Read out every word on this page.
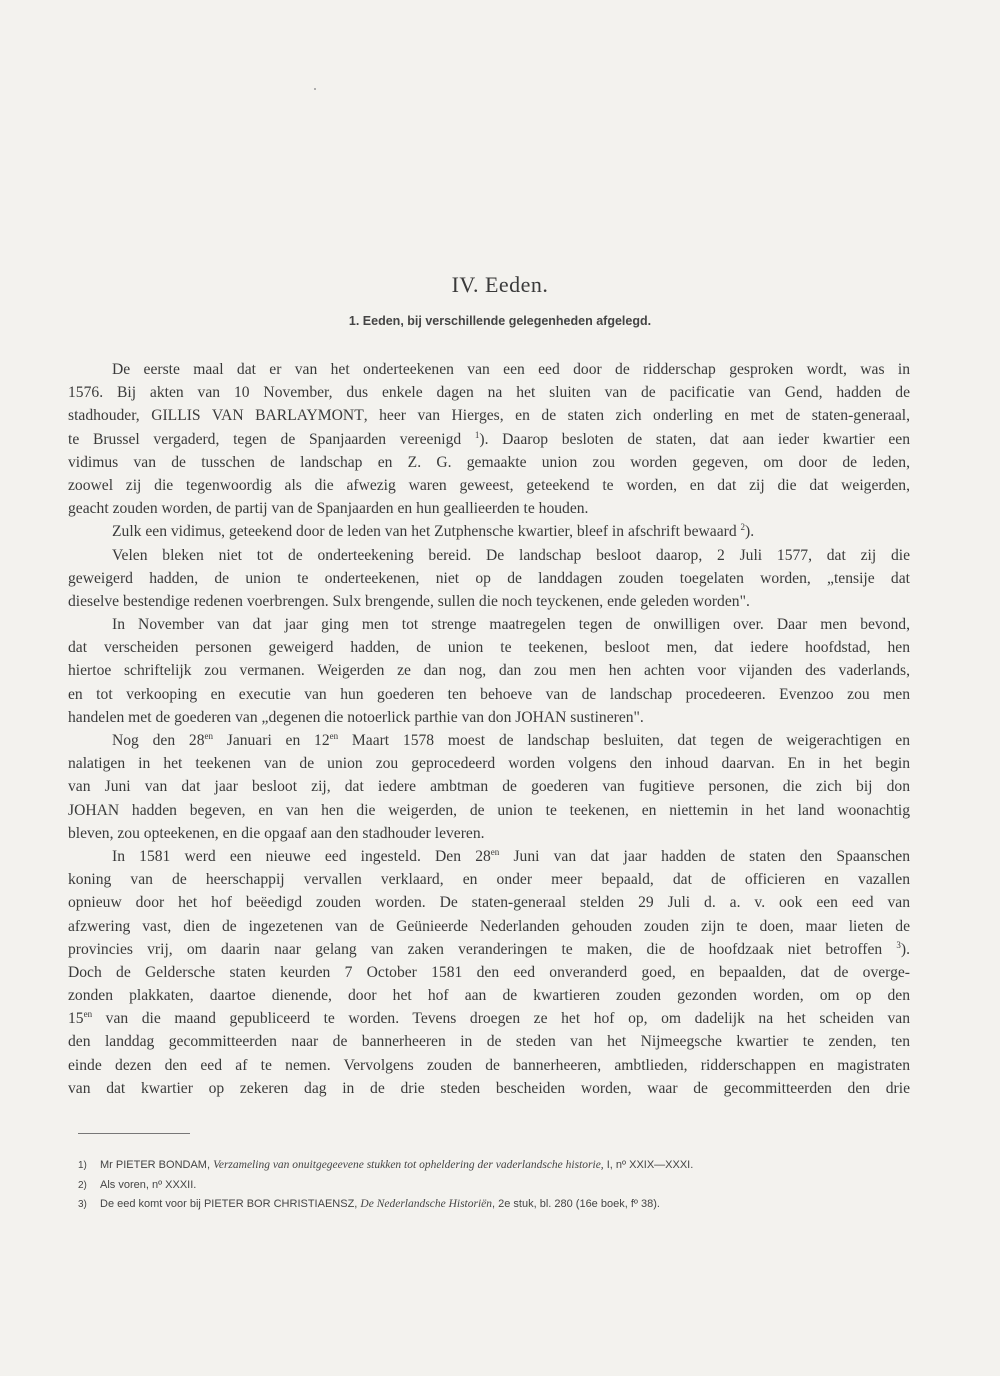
IV. Eeden.
1. Eeden, bij verschillende gelegenheden afgelegd.
De eerste maal dat er van het onderteekenen van een eed door de ridderschap gesproken wordt, was in
1576. Bij akten van 10 November, dus enkele dagen na het sluiten van de pacificatie van Gend, hadden de
stadhouder, GILLIS VAN BARLAYMONT, heer van Hierges, en de staten zich onderling en met de staten-generaal,
te Brussel vergaderd, tegen de Spanjaarden vereenigd $^1$). Daarop besloten de staten, dat aan ieder kwartier een
vidimus van de tusschen de landschap en Z. G. gemaakte union zou worden gegeven, om door de leden,
zoowel zij die tegenwoordig als die afwezig waren geweest, geteekend te worden, en dat zij die dat weigerden,
geacht zouden worden, de partij van de Spanjaarden en hun geallieerden te houden.
Zulk een vidimus, geteekend door de leden van het Zutphensche kwartier, bleef in afschrift bewaard $^2$).
Velen bleken niet tot de onderteekening bereid. De landschap besloot daarop, 2 Juli 1577, dat zij die
geweigerd hadden, de union te onderteekenen, niet op de landdagen zouden toegelaten worden, „tensije dat
dieselve bestendige redenen voerbrengen. Sulx brengende, sullen die noch teyckenen, ende geleden worden".
In November van dat jaar ging men tot strenge maatregelen tegen de onwilligen over. Daar men bevond,
dat verscheiden personen geweigerd hadden, de union te teekenen, besloot men, dat iedere hoofdstad, hen
hiertoe schriftelijk zou vermanen. Weigerden ze dan nog, dan zou men hen achten voor vijanden des vaderlands,
en tot verkooping en executie van hun goederen ten behoeve van de landschap procedeeren. Evenzoo zou men
handelen met de goederen van „degenen die notoerlick parthie van don JOHAN sustineren".
Nog den $28^{en}$ Januari en $12^{en}$ Maart 1578 moest de landschap besluiten, dat tegen de weigerachtigen en
nalatigen in het teekenen van de union zou geprocedeerd worden volgens den inhoud daarvan. En in het begin
van Juni van dat jaar besloot zij, dat iedere ambtman de goederen van fugitieve personen, die zich bij don
JOHAN hadden begeven, en van hen die weigerden, de union te teekenen, en niettemin in het land woonachtig
bleven, zou opteekenen, en die opgaaf aan den stadhouder leveren.
In 1581 werd een nieuwe eed ingesteld. Den $28^{en}$ Juni van dat jaar hadden de staten den Spaanschen
koning van de heerschappij vervallen verklaard, en onder meer bepaald, dat de officieren en vazallen
opnieuw door het hof beëedigd zouden worden. De staten-generaal stelden 29 Juli d. a. v. ook een eed van
afzwering vast, dien de ingezetenen van de Geünieerde Nederlanden gehouden zouden zijn te doen, maar lieten de
provincies vrij, om daarin naar gelang van zaken veranderingen te maken, die de hoofdzaak niet betroffen $^3$).
Doch de Geldersche staten keurden 7 October 1581 den eed onveranderd goed, en bepaalden, dat de overge-
zonden plakkaten, daartoe dienende, door het hof aan de kwartieren zouden gezonden worden, om op den
$15^{en}$ van die maand gepubliceerd te worden. Tevens droegen ze het hof op, om dadelijk na het scheiden van
den landdag gecommitteerden naar de bannerheeren in de steden van het Nijmeegsche kwartier te zenden, ten
einde dezen den eed af te nemen. Vervolgens zouden de bannerheeren, ambtlieden, ridderschappen en magistraten
van dat kwartier op zekeren dag in de drie steden bescheiden worden, waar de gecommitteerden den drie
1) Mr PIETER BONDAM, Verzameling van onuitgegeevene stukken tot opheldering der vaderlandsche historie, I, nº XXIX—XXXI.
2) Als voren, nº XXXII.
3) De eed komt voor bij PIETER BOR CHRISTIAENSZ, De Nederlandsche Historiën, 2e stuk, bl. 280 (16e boek, fº 38).
